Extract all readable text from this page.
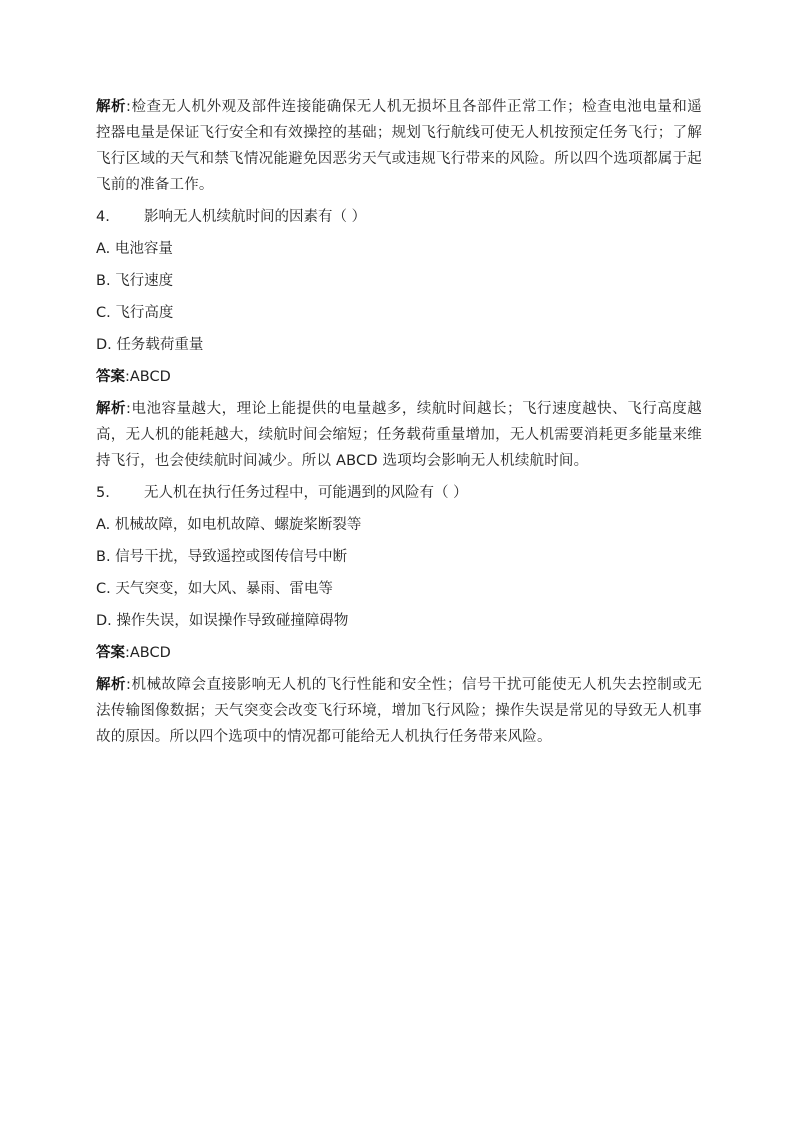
解析:检查无人机外观及部件连接能确保无人机无损坏且各部件正常工作；检查电池电量和遥控器电量是保证飞行安全和有效操控的基础；规划飞行航线可使无人机按预定任务飞行；了解飞行区域的天气和禁飞情况能避免因恶劣天气或违规飞行带来的风险。所以四个选项都属于起飞前的准备工作。

4. 影响无人机续航时间的因素有（ ）

A. 电池容量

B. 飞行速度

C. 飞行高度

D. 任务载荷重量

答案:ABCD

解析:电池容量越大，理论上能提供的电量越多，续航时间越长；飞行速度越快、飞行高度越高，无人机的能耗越大，续航时间会缩短；任务载荷重量增加，无人机需要消耗更多能量来维持飞行，也会使续航时间减少。所以 ABCD 选项均会影响无人机续航时间。

5. 无人机在执行任务过程中，可能遇到的风险有（ ）

A. 机械故障，如电机故障、螺旋桨断裂等

B. 信号干扰，导致遥控或图传信号中断

C. 天气突变，如大风、暴雨、雷电等

D. 操作失误，如误操作导致碰撞障碍物

答案:ABCD

解析:机械故障会直接影响无人机的飞行性能和安全性；信号干扰可能使无人机失去控制或无法传输图像数据；天气突变会改变飞行环境，增加飞行风险；操作失误是常见的导致无人机事故的原因。所以四个选项中的情况都可能给无人机执行任务带来风险。
